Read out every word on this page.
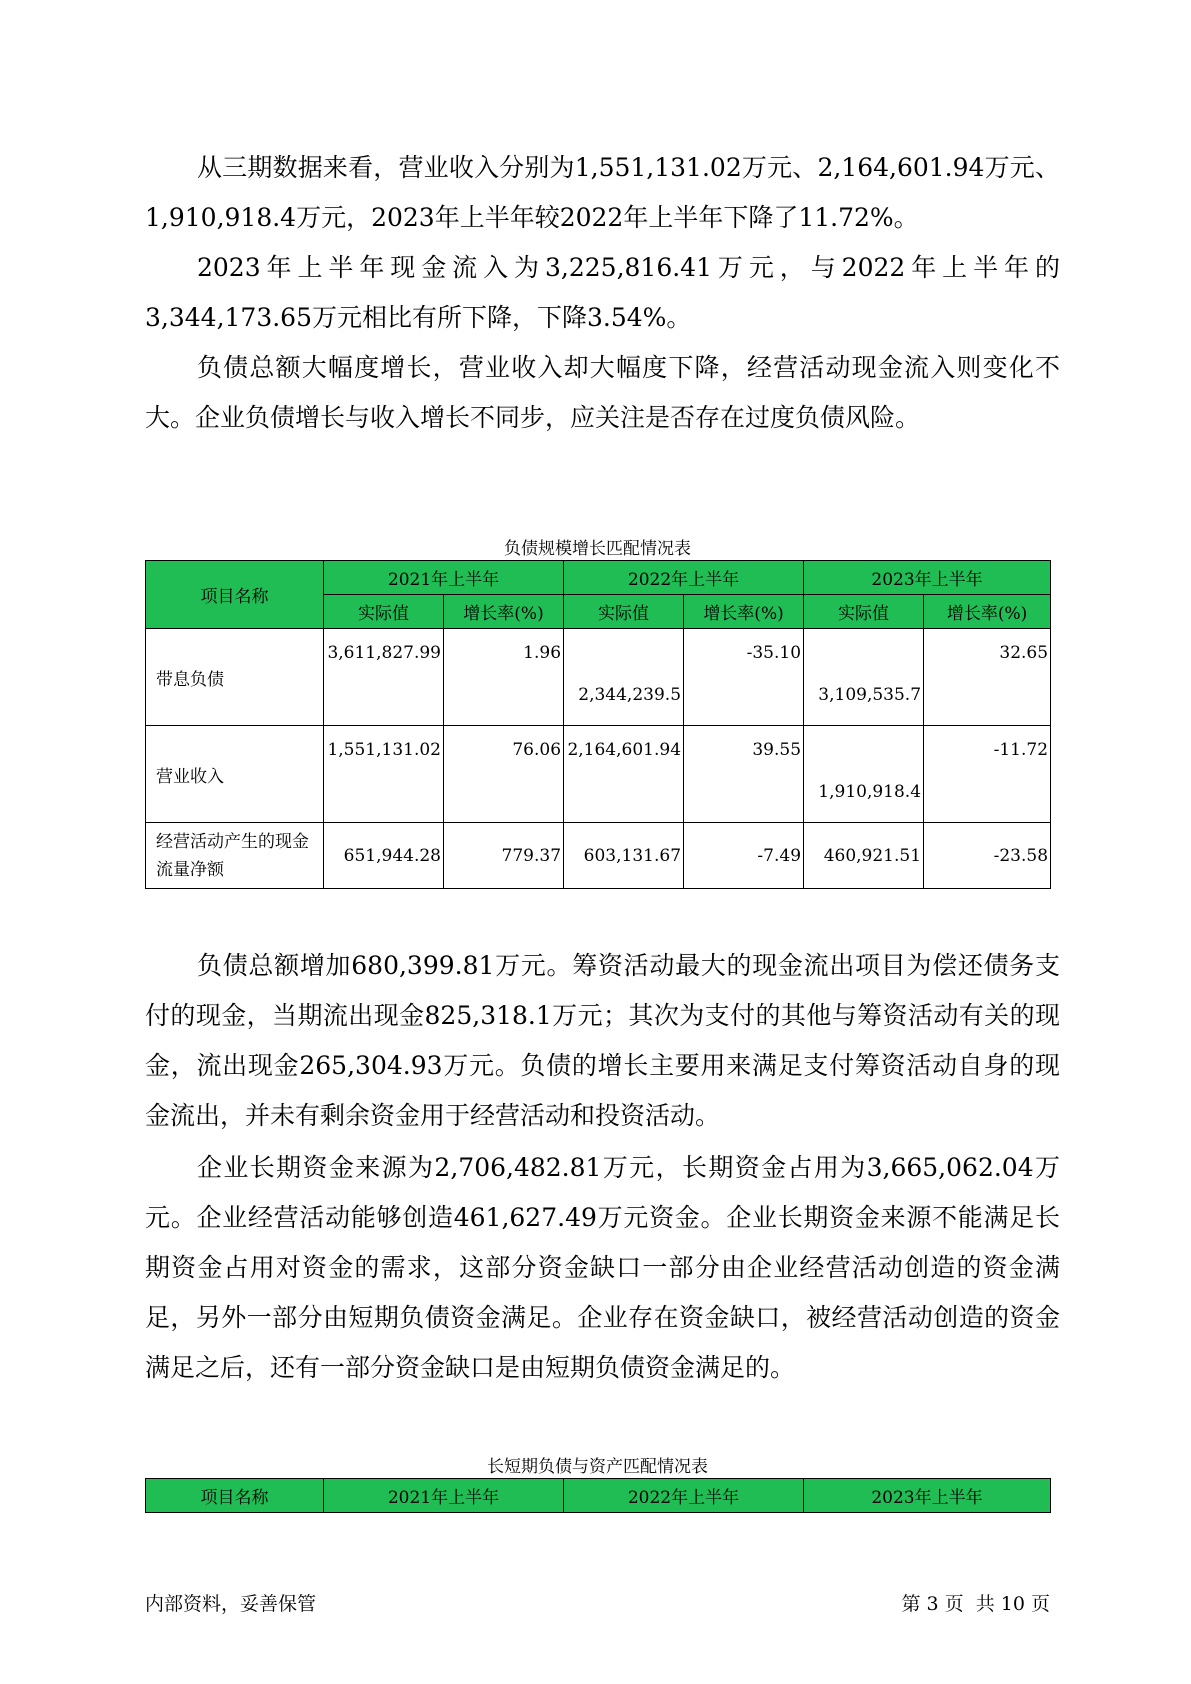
从三期数据来看，营业收入分别为1,551,131.02万元、2,164,601.94万元、1,910,918.4万元，2023年上半年较2022年上半年下降了11.72%。

2023年上半年现金流入为3,225,816.41万元，与2022年上半年的3,344,173.65万元相比有所下降，下降3.54%。

负债总额大幅度增长，营业收入却大幅度下降，经营活动现金流入则变化不大。企业负债增长与收入增长不同步，应关注是否存在过度负债风险。

负债规模增长匹配情况表
项目名称	2021年上半年		2022年上半年		2023年上半年	
	实际值	增长率(%)	实际值	增长率(%)	实际值	增长率(%)
带息负债	3,611,827.99	1.96	2,344,239.5	-35.10	3,109,535.7	32.65
营业收入	1,551,131.02	76.06	2,164,601.94	39.55	1,910,918.4	-11.72
经营活动产生的现金流量净额	651,944.28	779.37	603,131.67	-7.49	460,921.51	-23.58

负债总额增加680,399.81万元。筹资活动最大的现金流出项目为偿还债务支付的现金，当期流出现金825,318.1万元；其次为支付的其他与筹资活动有关的现金，流出现金265,304.93万元。负债的增长主要用来满足支付筹资活动自身的现金流出，并未有剩余资金用于经营活动和投资活动。

企业长期资金来源为2,706,482.81万元，长期资金占用为3,665,062.04万元。企业经营活动能够创造461,627.49万元资金。企业长期资金来源不能满足长期资金占用对资金的需求，这部分资金缺口一部分由企业经营活动创造的资金满足，另外一部分由短期负债资金满足。企业存在资金缺口，被经营活动创造的资金满足之后，还有一部分资金缺口是由短期负债资金满足的。

长短期负债与资产匹配情况表
项目名称	2021年上半年	2022年上半年	2023年上半年
内部资料，妥善保管	第 3 页  共 10 页
